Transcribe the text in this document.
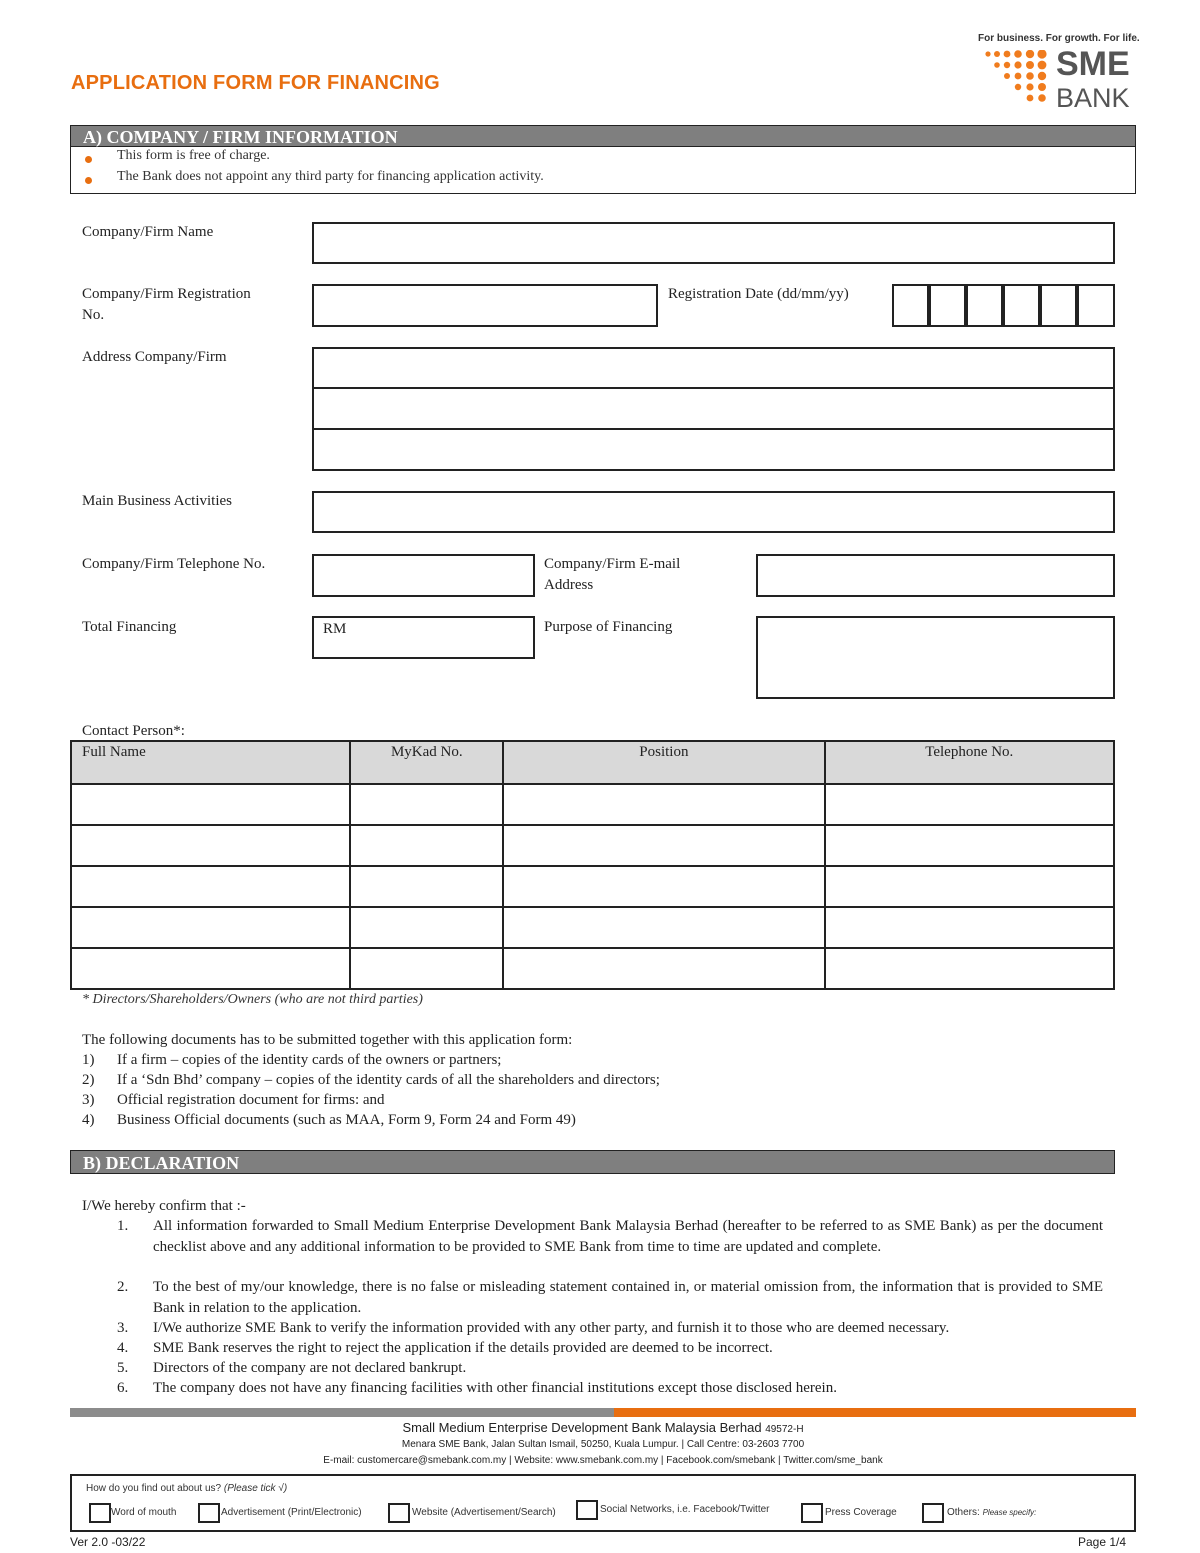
APPLICATION FORM FOR FINANCING
For business. For growth. For life.
SME
BANK
A) COMPANY / FIRM INFORMATION
This form is free of charge.
The Bank does not appoint any third party for financing application activity.
Company/Firm Name
Company/Firm Registration
No.
Registration Date (dd/mm/yy)
Address Company/Firm
Main Business Activities
Company/Firm Telephone No.	Company/Firm E-mail
Address
Total Financing	RM	Purpose of Financing
Contact Person*:
Full Name	MyKad No.	Position	Telephone No.

* Directors/Shareholders/Owners (who are not third parties)
The following documents has to be submitted together with this application form:
1) If a firm – copies of the identity cards of the owners or partners;
2) If a ‘Sdn Bhd’ company – copies of the identity cards of all the shareholders and directors;
3) Official registration document for firms: and
4) Business Official documents (such as MAA, Form 9, Form 24 and Form 49)
B) DECLARATION
I/We hereby confirm that :-
1. All information forwarded to Small Medium Enterprise Development Bank Malaysia Berhad (hereafter to be referred to as SME Bank) as per the document checklist above and any additional information to be provided to SME Bank from time to time are updated and complete.
2. To the best of my/our knowledge, there is no false or misleading statement contained in, or material omission from, the information that is provided to SME Bank in relation to the application.
3. I/We authorize SME Bank to verify the information provided with any other party, and furnish it to those who are deemed necessary.
4. SME Bank reserves the right to reject the application if the details provided are deemed to be incorrect.
5. Directors of the company are not declared bankrupt.
6. The company does not have any financing facilities with other financial institutions except those disclosed herein.
Small Medium Enterprise Development Bank Malaysia Berhad 49572-H
Menara SME Bank, Jalan Sultan Ismail, 50250, Kuala Lumpur. | Call Centre: 03-2603 7700
E-mail: customercare@smebank.com.my | Website: www.smebank.com.my | Facebook.com/smebank | Twitter.com/sme_bank
How do you find out about us? (Please tick √)
Word of mouth	Advertisement (Print/Electronic)	Website (Advertisement/Search)	Social Networks, i.e. Facebook/Twitter	Press Coverage	Others: Please specify:
Ver 2.0 -03/22	Page 1/4
